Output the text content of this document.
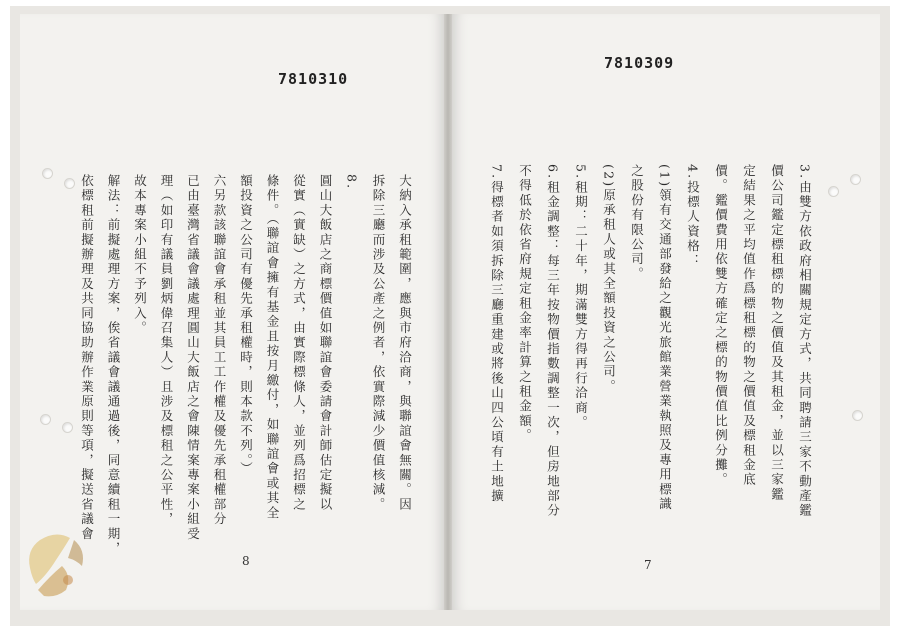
7810310
8
大納入承租範圍，應與市府洽商，與聯誼會無關。因
拆除三廳而涉及公產之例者，依實際減少價值核減。
8.
圓山大飯店之商標價值如聯誼會委請會計師估定擬以
從實（實缺）之方式，由實際標條人，並列爲招標之
條件。（聯誼會擁有基金且按月繳付，如聯誼會或其全
額投資之公司有優先承租權時，則本款不列。）
六另款該聯誼會承租並其員工工作權及優先承租權部分
已由臺灣省議會議處理圓山大飯店之會陳情案專案小組受
理（如印有議員劉炳偉召集人）且涉及標租之公平性，
故本專案小組不予列入。
解法：前擬處理方案，俟省議會議通過後，同意續租一期，
依標租前擬辦理及共同協助辦作業原則等項，擬送省議會
7810309
7
3.由雙方依政府相關規定方式，共同聘請三家不動產鑑
價公司鑑定標租標的物之價值及其租金，並以三家鑑
定結果之平均值作爲標租標的物之價值及標租金底
價。鑑價費用依雙方確定之標的物價值比例分攤。
4.投標人資格：
(1)領有交通部發給之觀光旅館業營業執照及專用標識
之股份有限公司。
(2)原承租人或其全額投資之公司。
5.租期：二十年，期滿雙方得再行洽商。
6.租金調整：每三年按物價指數調整一次，但房地部分
不得低於依省府規定租金率計算之租金額。
7.得標者如須拆除三廳重建或將後山四公頃有土地擴
